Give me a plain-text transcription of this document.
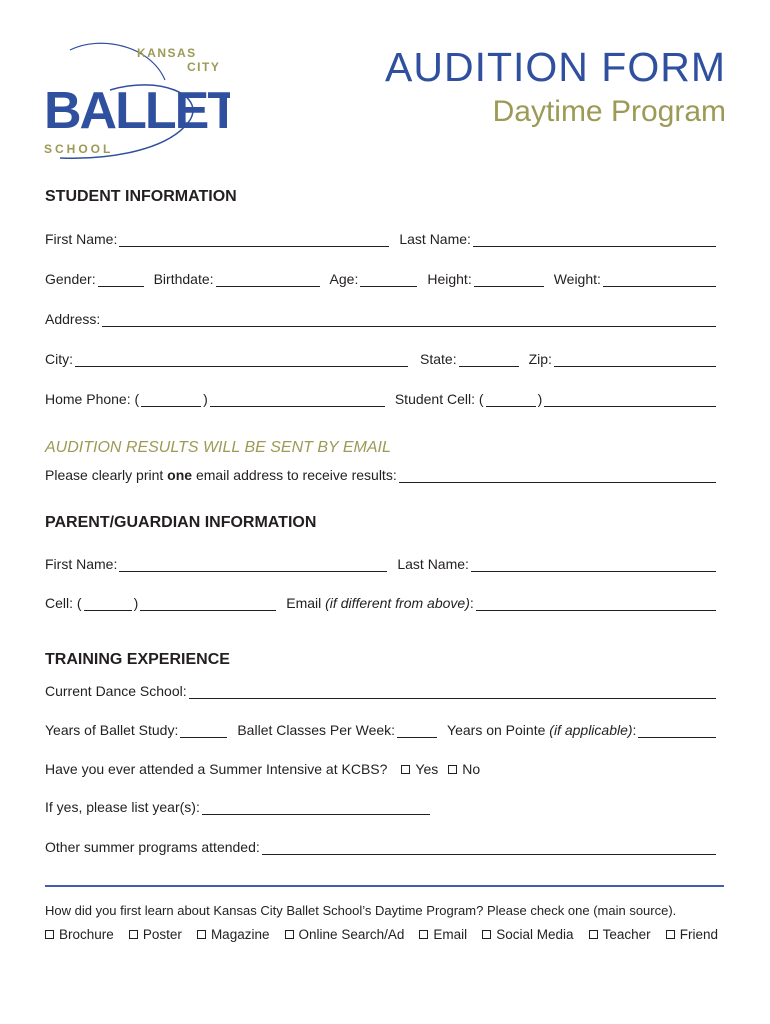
KANSAS
CITY
BALLET
SCHOOL
AUDITION FORM
Daytime Program
STUDENT INFORMATION
First Name:	Last Name:
Gender:	Birthdate:	Age:	Height:	Weight:
Address:
City:	State:	Zip:
Home Phone: (	)	Student Cell: (	)
AUDITION RESULTS WILL BE SENT BY EMAIL
Please clearly print one email address to receive results:
PARENT/GUARDIAN INFORMATION
First Name:	Last Name:
Cell: (	)	Email (if different from above):
TRAINING EXPERIENCE
Current Dance School:
Years of Ballet Study:	Ballet Classes Per Week:	Years on Pointe (if applicable):
Have you ever attended a Summer Intensive at KCBS? Yes No
If yes, please list year(s):
Other summer programs attended:
How did you first learn about Kansas City Ballet School’s Daytime Program? Please check one (main source).
Brochure Poster Magazine Online Search/Ad Email Social Media Teacher Friend
